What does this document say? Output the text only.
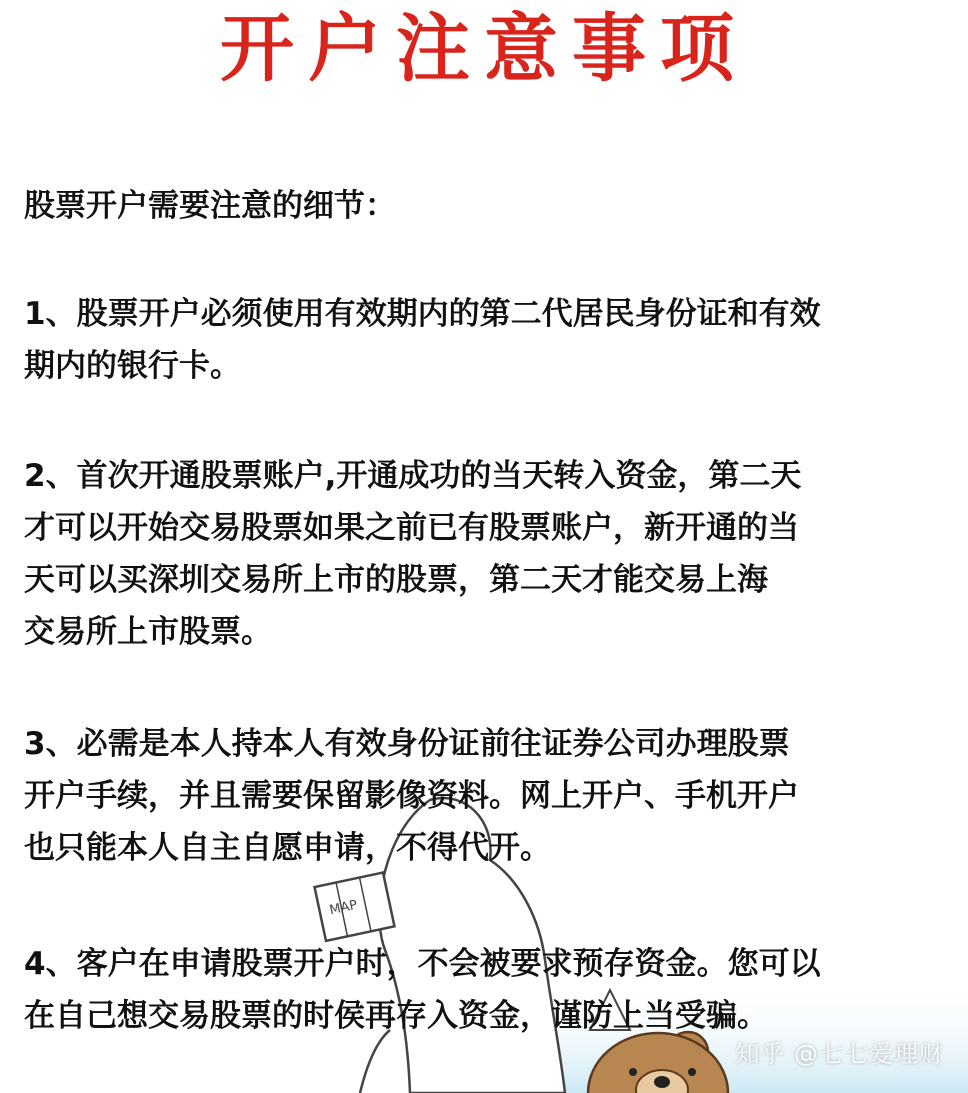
MAP
开户注意事项
股票开户需要注意的细节：
1、股票开户必须使用有效期内的第二代居民身份证和有效
期内的银行卡。
2、首次开通股票账户,开通成功的当天转入资金，第二天
才可以开始交易股票如果之前已有股票账户，新开通的当
天可以买深圳交易所上市的股票，第二天才能交易上海
交易所上市股票。
3、必需是本人持本人有效身份证前往证券公司办理股票
开户手续，并且需要保留影像资料。网上开户、手机开户
也只能本人自主自愿申请，不得代开。
4、客户在申请股票开户时，不会被要求预存资金。您可以
在自己想交易股票的时侯再存入资金，谨防上当受骗。
知乎 @七七爱理财
